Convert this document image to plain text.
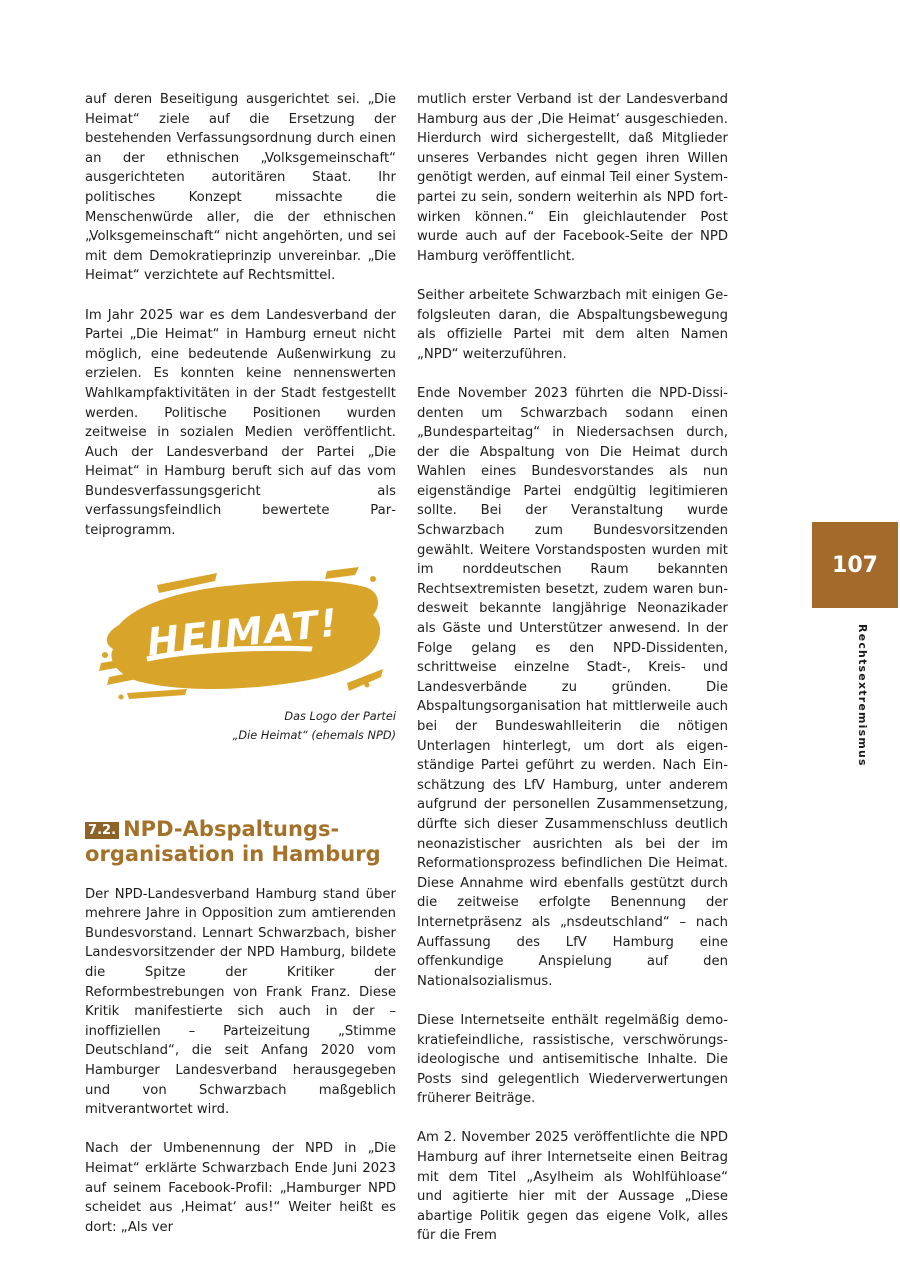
auf deren Beseitigung ausgerichtet sei. „Die Heimat“ ziele auf die Ersetzung der bestehenden Verfassungsordnung durch einen an der ethnischen „Volksgemeinschaft“ ausgerichteten autoritären Staat. Ihr politisches Konzept missachte die Menschenwürde aller, die der ethnischen „Volksgemeinschaft“ nicht angehörten, und sei mit dem Demokratieprinzip unvereinbar. „Die Heimat“ verzichtete auf Rechtsmittel.

Im Jahr 2025 war es dem Landesverband der Partei „Die Heimat“ in Hamburg erneut nicht möglich, eine bedeutende Außenwirkung zu erzielen. Es konnten keine nennenswerten Wahlkampfaktivitäten in der Stadt festgestellt werden. Politische Positionen wurden zeitweise in sozialen Medien veröffentlicht. Auch der Landesverband der Partei „Die Heimat“ in Hamburg beruft sich auf das vom Bundesverfassungsgericht als verfassungsfeindlich bewertete Parteiprogramm.

HEIMAT!
Das Logo der Partei
„Die Heimat“ (ehemals NPD)
7.2. NPD-Abspaltungs-
organisation in Hamburg

Der NPD-Landesverband Hamburg stand über mehrere Jahre in Opposition zum amtierenden Bundesvorstand. Lennart Schwarzbach, bisher Landesvorsitzender der NPD Hamburg, bildete die Spitze der Kritiker der Reformbestrebungen von Frank Franz. Diese Kritik manifestierte sich auch in der – inoffiziellen – Parteizeitung „Stimme Deutschland“, die seit Anfang 2020 vom Hamburger Landesverband herausgegeben und von Schwarzbach maßgeblich mitverantwortet wird.

Nach der Umbenennung der NPD in „Die Heimat“ erklärte Schwarzbach Ende Juni 2023 auf seinem Facebook-Profil: „Hamburger NPD scheidet aus ‚Heimat‘ aus!“ Weiter heißt es dort: „Als ver

mutlich erster Verband ist der Landesverband Hamburg aus der ‚Die Heimat‘ ausgeschieden. Hierdurch wird sichergestellt, daß Mitglieder unseres Verbandes nicht gegen ihren Willen genötigt werden, auf einmal Teil einer Systempartei zu sein, sondern weiterhin als NPD fortwirken können.“ Ein gleichlautender Post wurde auch auf der Facebook-Seite der NPD Hamburg veröffentlicht.

Seither arbeitete Schwarzbach mit einigen Gefolgsleuten daran, die Abspaltungsbewegung als offizielle Partei mit dem alten Namen „NPD“ weiterzuführen.

Ende November 2023 führten die NPD-Dissidenten um Schwarzbach sodann einen „Bundesparteitag“ in Niedersachsen durch, der die Abspaltung von Die Heimat durch Wahlen eines Bundesvorstandes als nun eigenständige Partei endgültig legitimieren sollte. Bei der Veranstaltung wurde Schwarzbach zum Bundesvorsitzenden gewählt. Weitere Vorstandsposten wurden mit im norddeutschen Raum bekannten Rechtsextremisten besetzt, zudem waren bundesweit bekannte langjährige Neonazikader als Gäste und Unterstützer anwesend. In der Folge gelang es den NPD-Dissidenten, schrittweise einzelne Stadt-, Kreis- und Landesverbände zu gründen. Die Abspaltungsorganisation hat mittlerweile auch bei der Bundeswahlleiterin die nötigen Unterlagen hinterlegt, um dort als eigenständige Partei geführt zu werden. Nach Einschätzung des LfV Hamburg, unter anderem aufgrund der personellen Zusammensetzung, dürfte sich dieser Zusammenschluss deutlich neonazistischer ausrichten als bei der im Reformationsprozess befindlichen Die Heimat. Diese Annahme wird ebenfalls gestützt durch die zeitweise erfolgte Benennung der Internetpräsenz als „nsdeutschland“ – nach Auffassung des LfV Hamburg eine offenkundige Anspielung auf den Nationalsozialismus.

Diese Internetseite enthält regelmäßig demokratiefeindliche, rassistische, verschwörungsideologische und antisemitische Inhalte. Die Posts sind gelegentlich Wiederverwertungen früherer Beiträge.

Am 2. November 2025 veröffentlichte die NPD Hamburg auf ihrer Internetseite einen Beitrag mit dem Titel „Asylheim als Wohlfühloase“ und agitierte hier mit der Aussage „Diese abartige Politik gegen das eigene Volk, alles für die Frem

107
Rechtsextremismus
